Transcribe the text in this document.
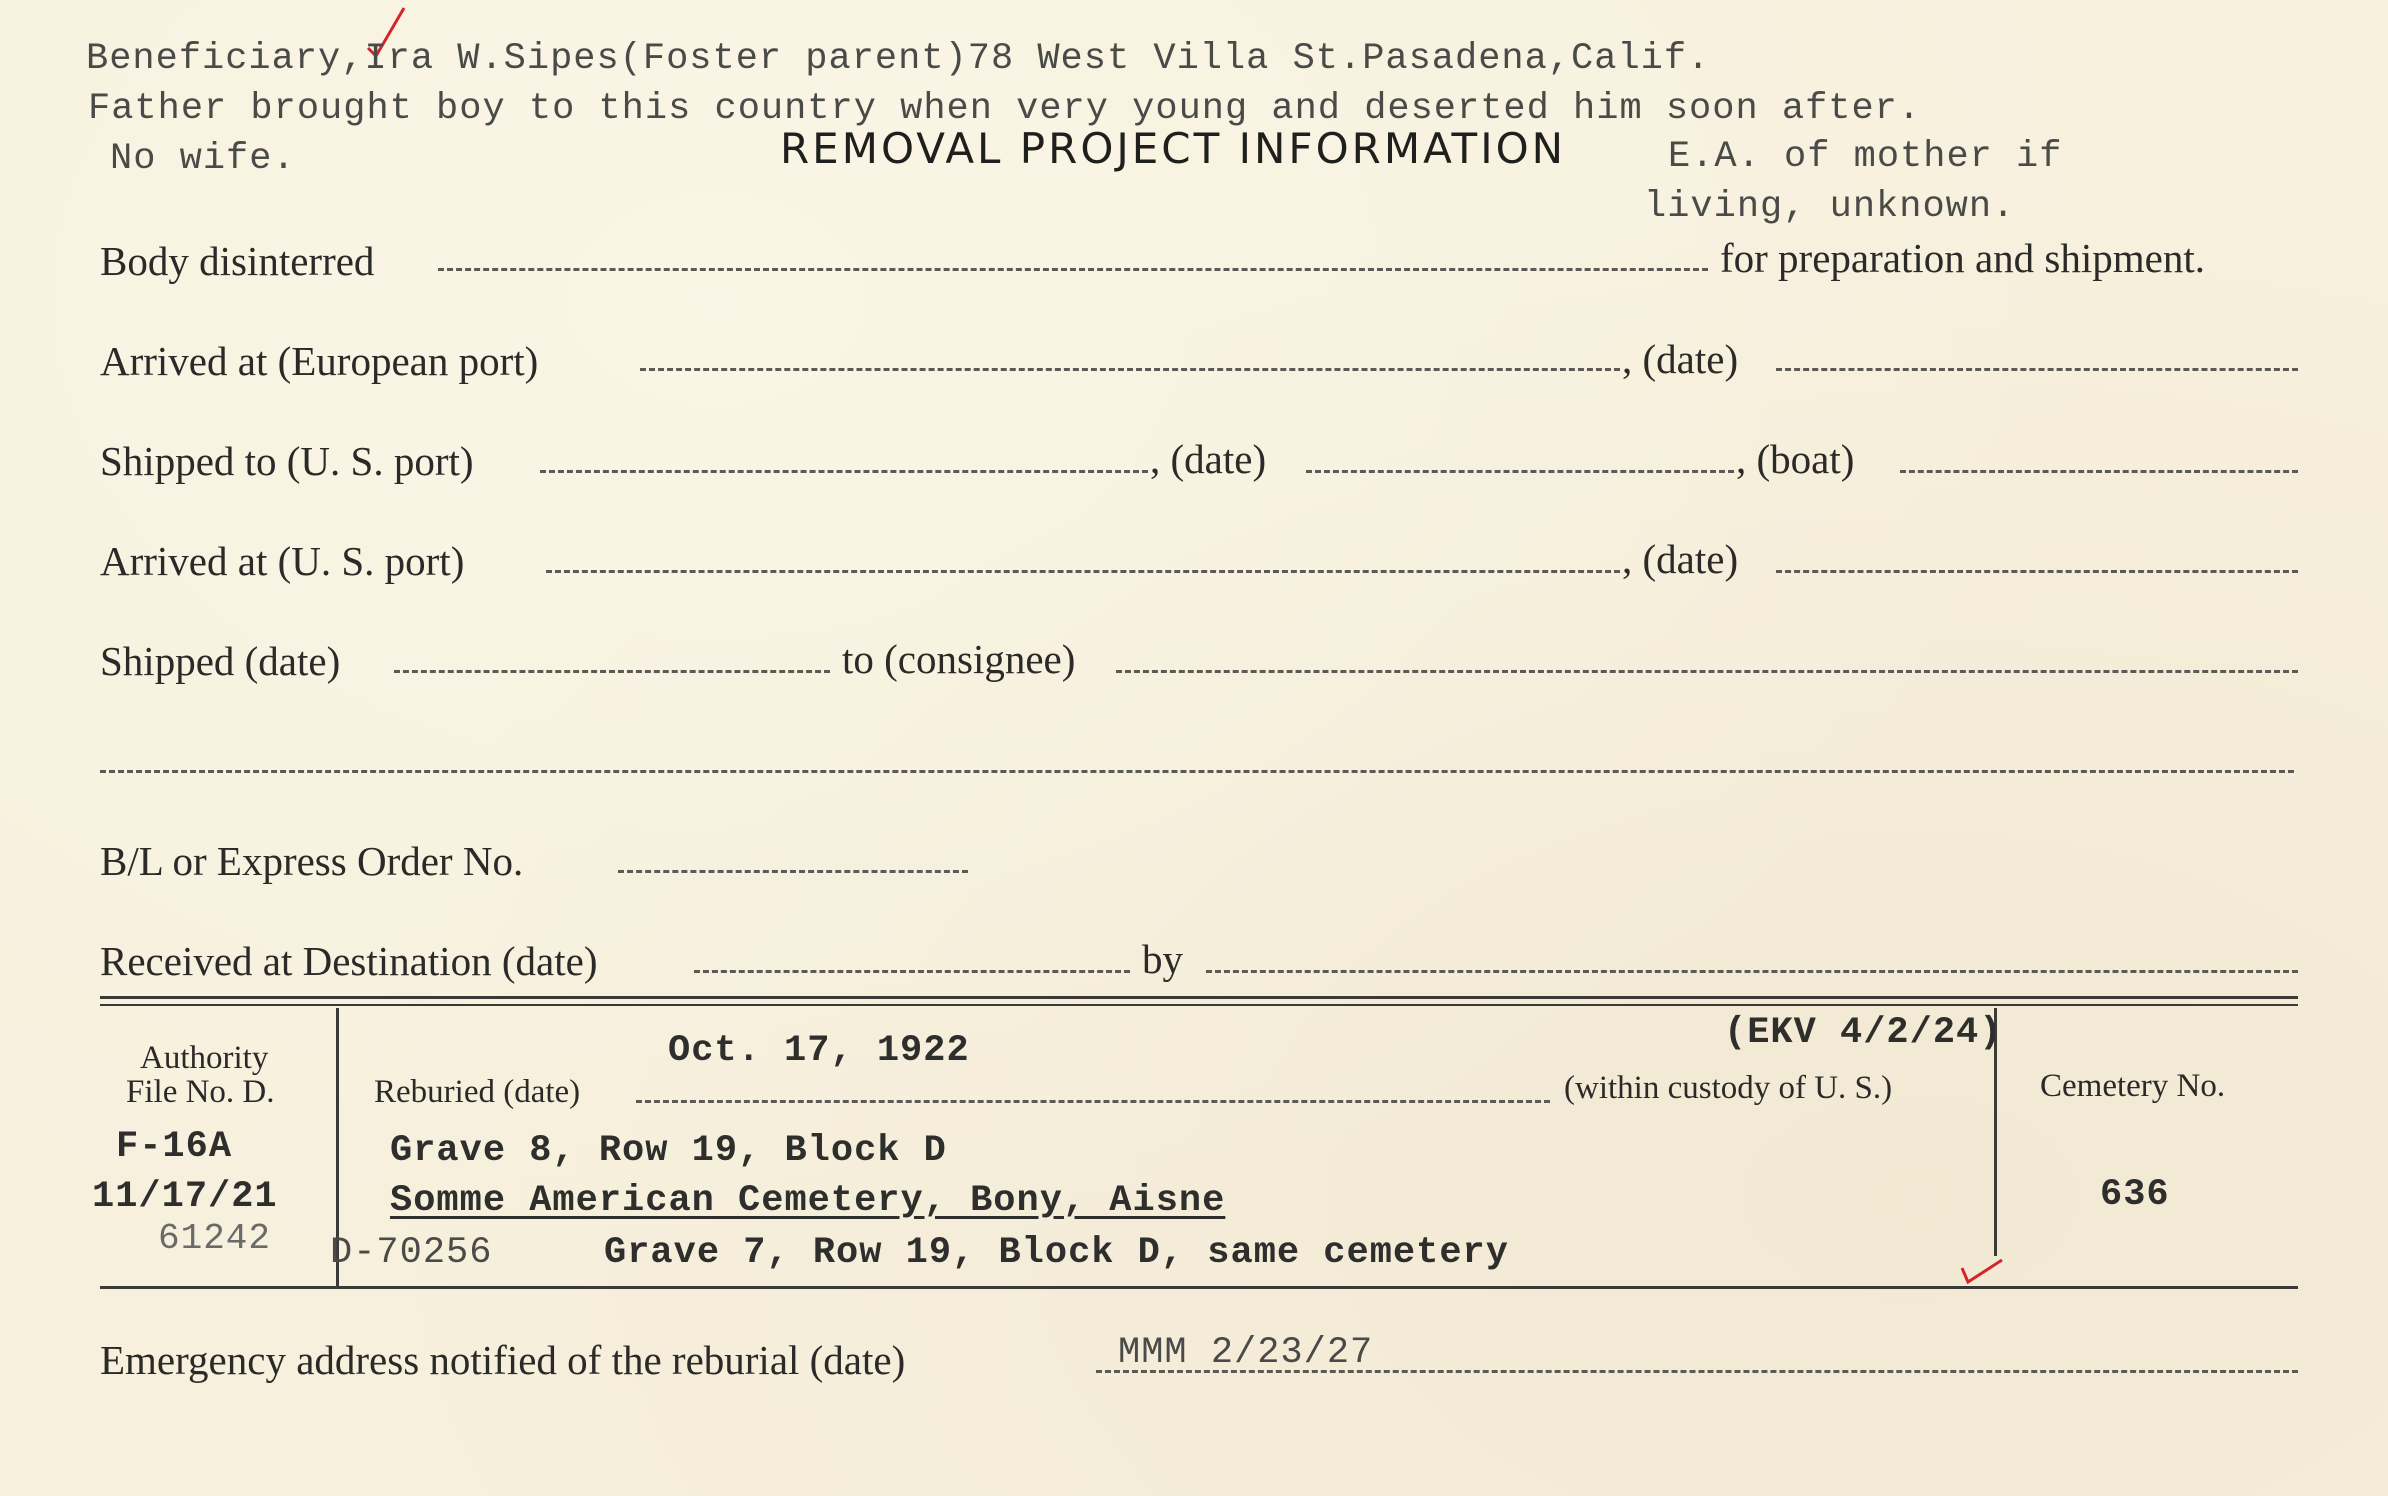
Beneficiary,Ira W.Sipes(Foster parent)78 West Villa St.Pasadena,Calif.
Father brought boy to this country when very young and deserted him soon after.
No wife.	E.A. of mother if
living, unknown.
REMOVAL PROJECT INFORMATION
Body disinterred	for preparation and shipment.
Arrived at (European port)	, (date)
Shipped to (U. S. port)	, (date)	, (boat)
Arrived at (U. S. port)	, (date)
Shipped (date)	to (consignee)
B/L or Express Order No.
Received at Destination (date)	by
Authority
File No. D.
F-16A
11/17/21
61242
Oct. 17, 1922	(EKV 4/2/24)
Reburied (date)	(within custody of U. S.)
Grave 8, Row 19, Block D
Somme American Cemetery, Bony, Aisne
D-70256	Grave 7, Row 19, Block D, same cemetery
Cemetery No.
636
Emergency address notified of the reburial (date)	MMM 2/23/27
